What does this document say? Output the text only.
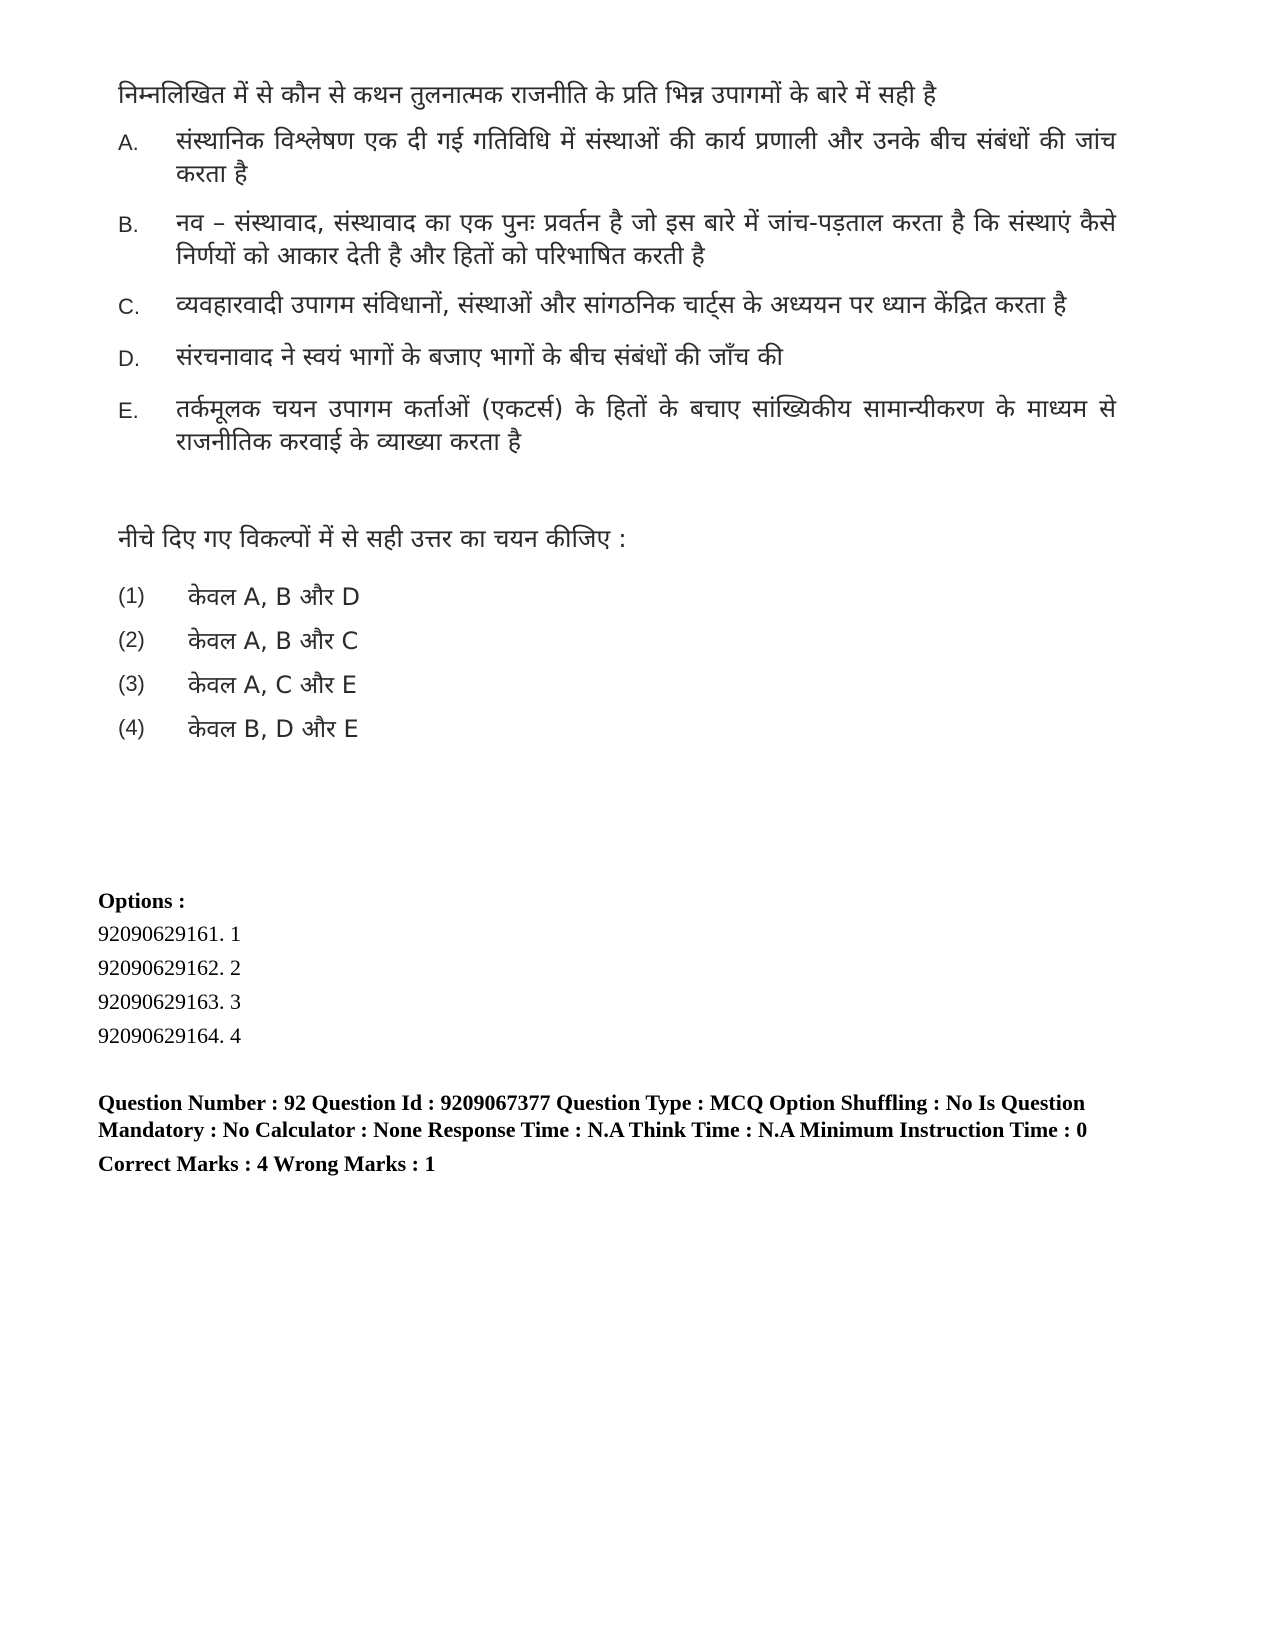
निम्नलिखित में से कौन से कथन तुलनात्मक राजनीति के प्रति भिन्न उपागमों के बारे में सही है
A.	संस्थानिक विश्लेषण एक दी गई गतिविधि में संस्थाओं की कार्य प्रणाली और उनके बीच संबंधों की जांच करता है
B.	नव – संस्थावाद, संस्थावाद का एक पुनः प्रवर्तन है जो इस बारे में जांच-पड़ताल करता है कि संस्थाएं कैसे निर्णयों को आकार देती है और हितों को परिभाषित करती है
C.	व्यवहारवादी उपागम संविधानों, संस्थाओं और सांगठनिक चार्ट्स के अध्ययन पर ध्यान केंद्रित करता है
D.	संरचनावाद ने स्वयं भागों के बजाए भागों के बीच संबंधों की जाँच की
E.	तर्कमूलक चयन उपागम कर्ताओं (एकटर्स) के हितों के बचाए सांख्यिकीय सामान्यीकरण के माध्यम से राजनीतिक करवाई के व्याख्या करता है
नीचे दिए गए विकल्पों में से सही उत्तर का चयन कीजिए :
(1)	केवल A, B और D
(2)	केवल A, B और C
(3)	केवल A, C और E
(4)	केवल B, D और E
Options :
92090629161. 1
92090629162. 2
92090629163. 3
92090629164. 4
Question Number : 92 Question Id : 9209067377 Question Type : MCQ Option Shuffling : No Is Question Mandatory : No Calculator : None Response Time : N.A Think Time : N.A Minimum Instruction Time : 0
Correct Marks : 4 Wrong Marks : 1
